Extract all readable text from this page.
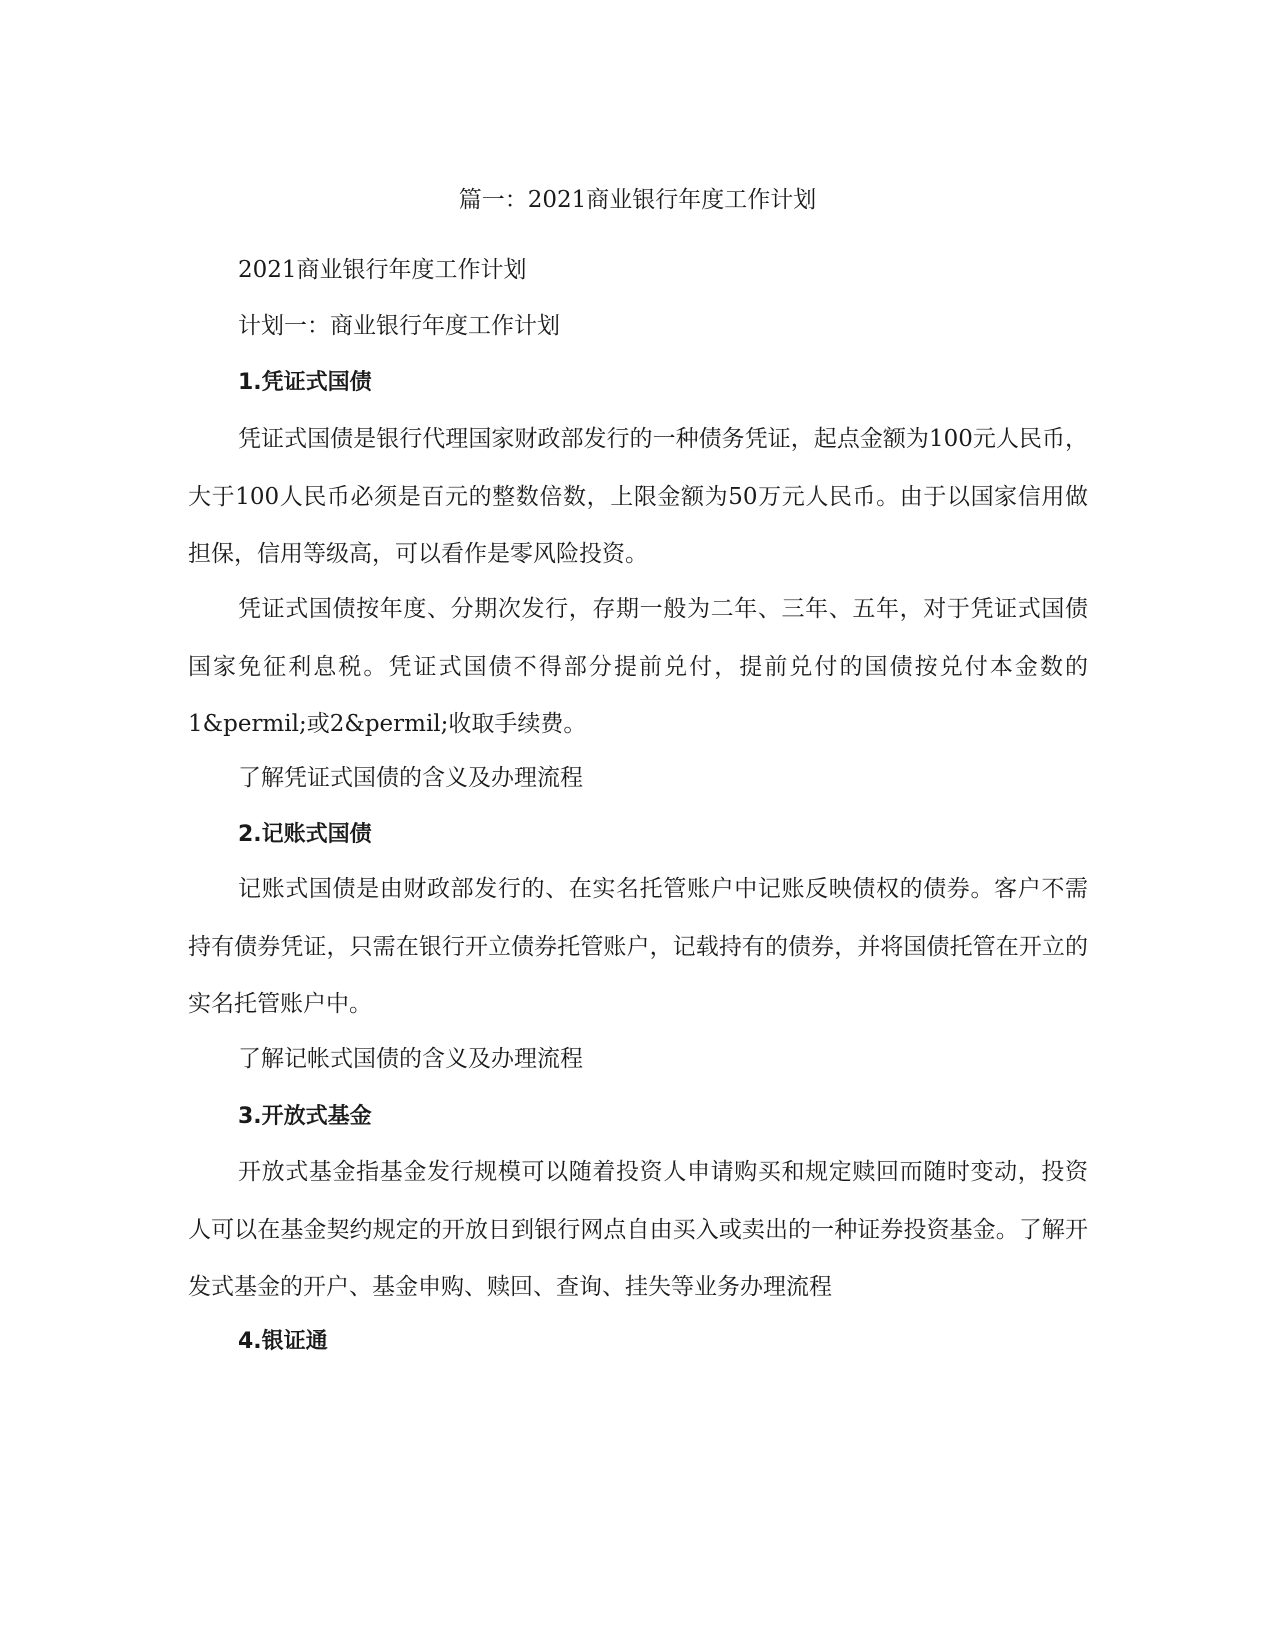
篇一：2021商业银行年度工作计划

2021商业银行年度工作计划

计划一：商业银行年度工作计划

1.凭证式国债

凭证式国债是银行代理国家财政部发行的一种债务凭证，起点金额为100元人民币，大于100人民币必须是百元的整数倍数，上限金额为50万元人民币。由于以国家信用做担保，信用等级高，可以看作是零风险投资。

凭证式国债按年度、分期次发行，存期一般为二年、三年、五年，对于凭证式国债国家免征利息税。凭证式国债不得部分提前兑付，提前兑付的国债按兑付本金数的1&permil;或2&permil;收取手续费。

了解凭证式国债的含义及办理流程

2.记账式国债

记账式国债是由财政部发行的、在实名托管账户中记账反映债权的债券。客户不需持有债券凭证，只需在银行开立债券托管账户，记载持有的债券，并将国债托管在开立的实名托管账户中。

了解记帐式国债的含义及办理流程

3.开放式基金

开放式基金指基金发行规模可以随着投资人申请购买和规定赎回而随时变动，投资人可以在基金契约规定的开放日到银行网点自由买入或卖出的一种证券投资基金。了解开发式基金的开户、基金申购、赎回、查询、挂失等业务办理流程

4.银证通
